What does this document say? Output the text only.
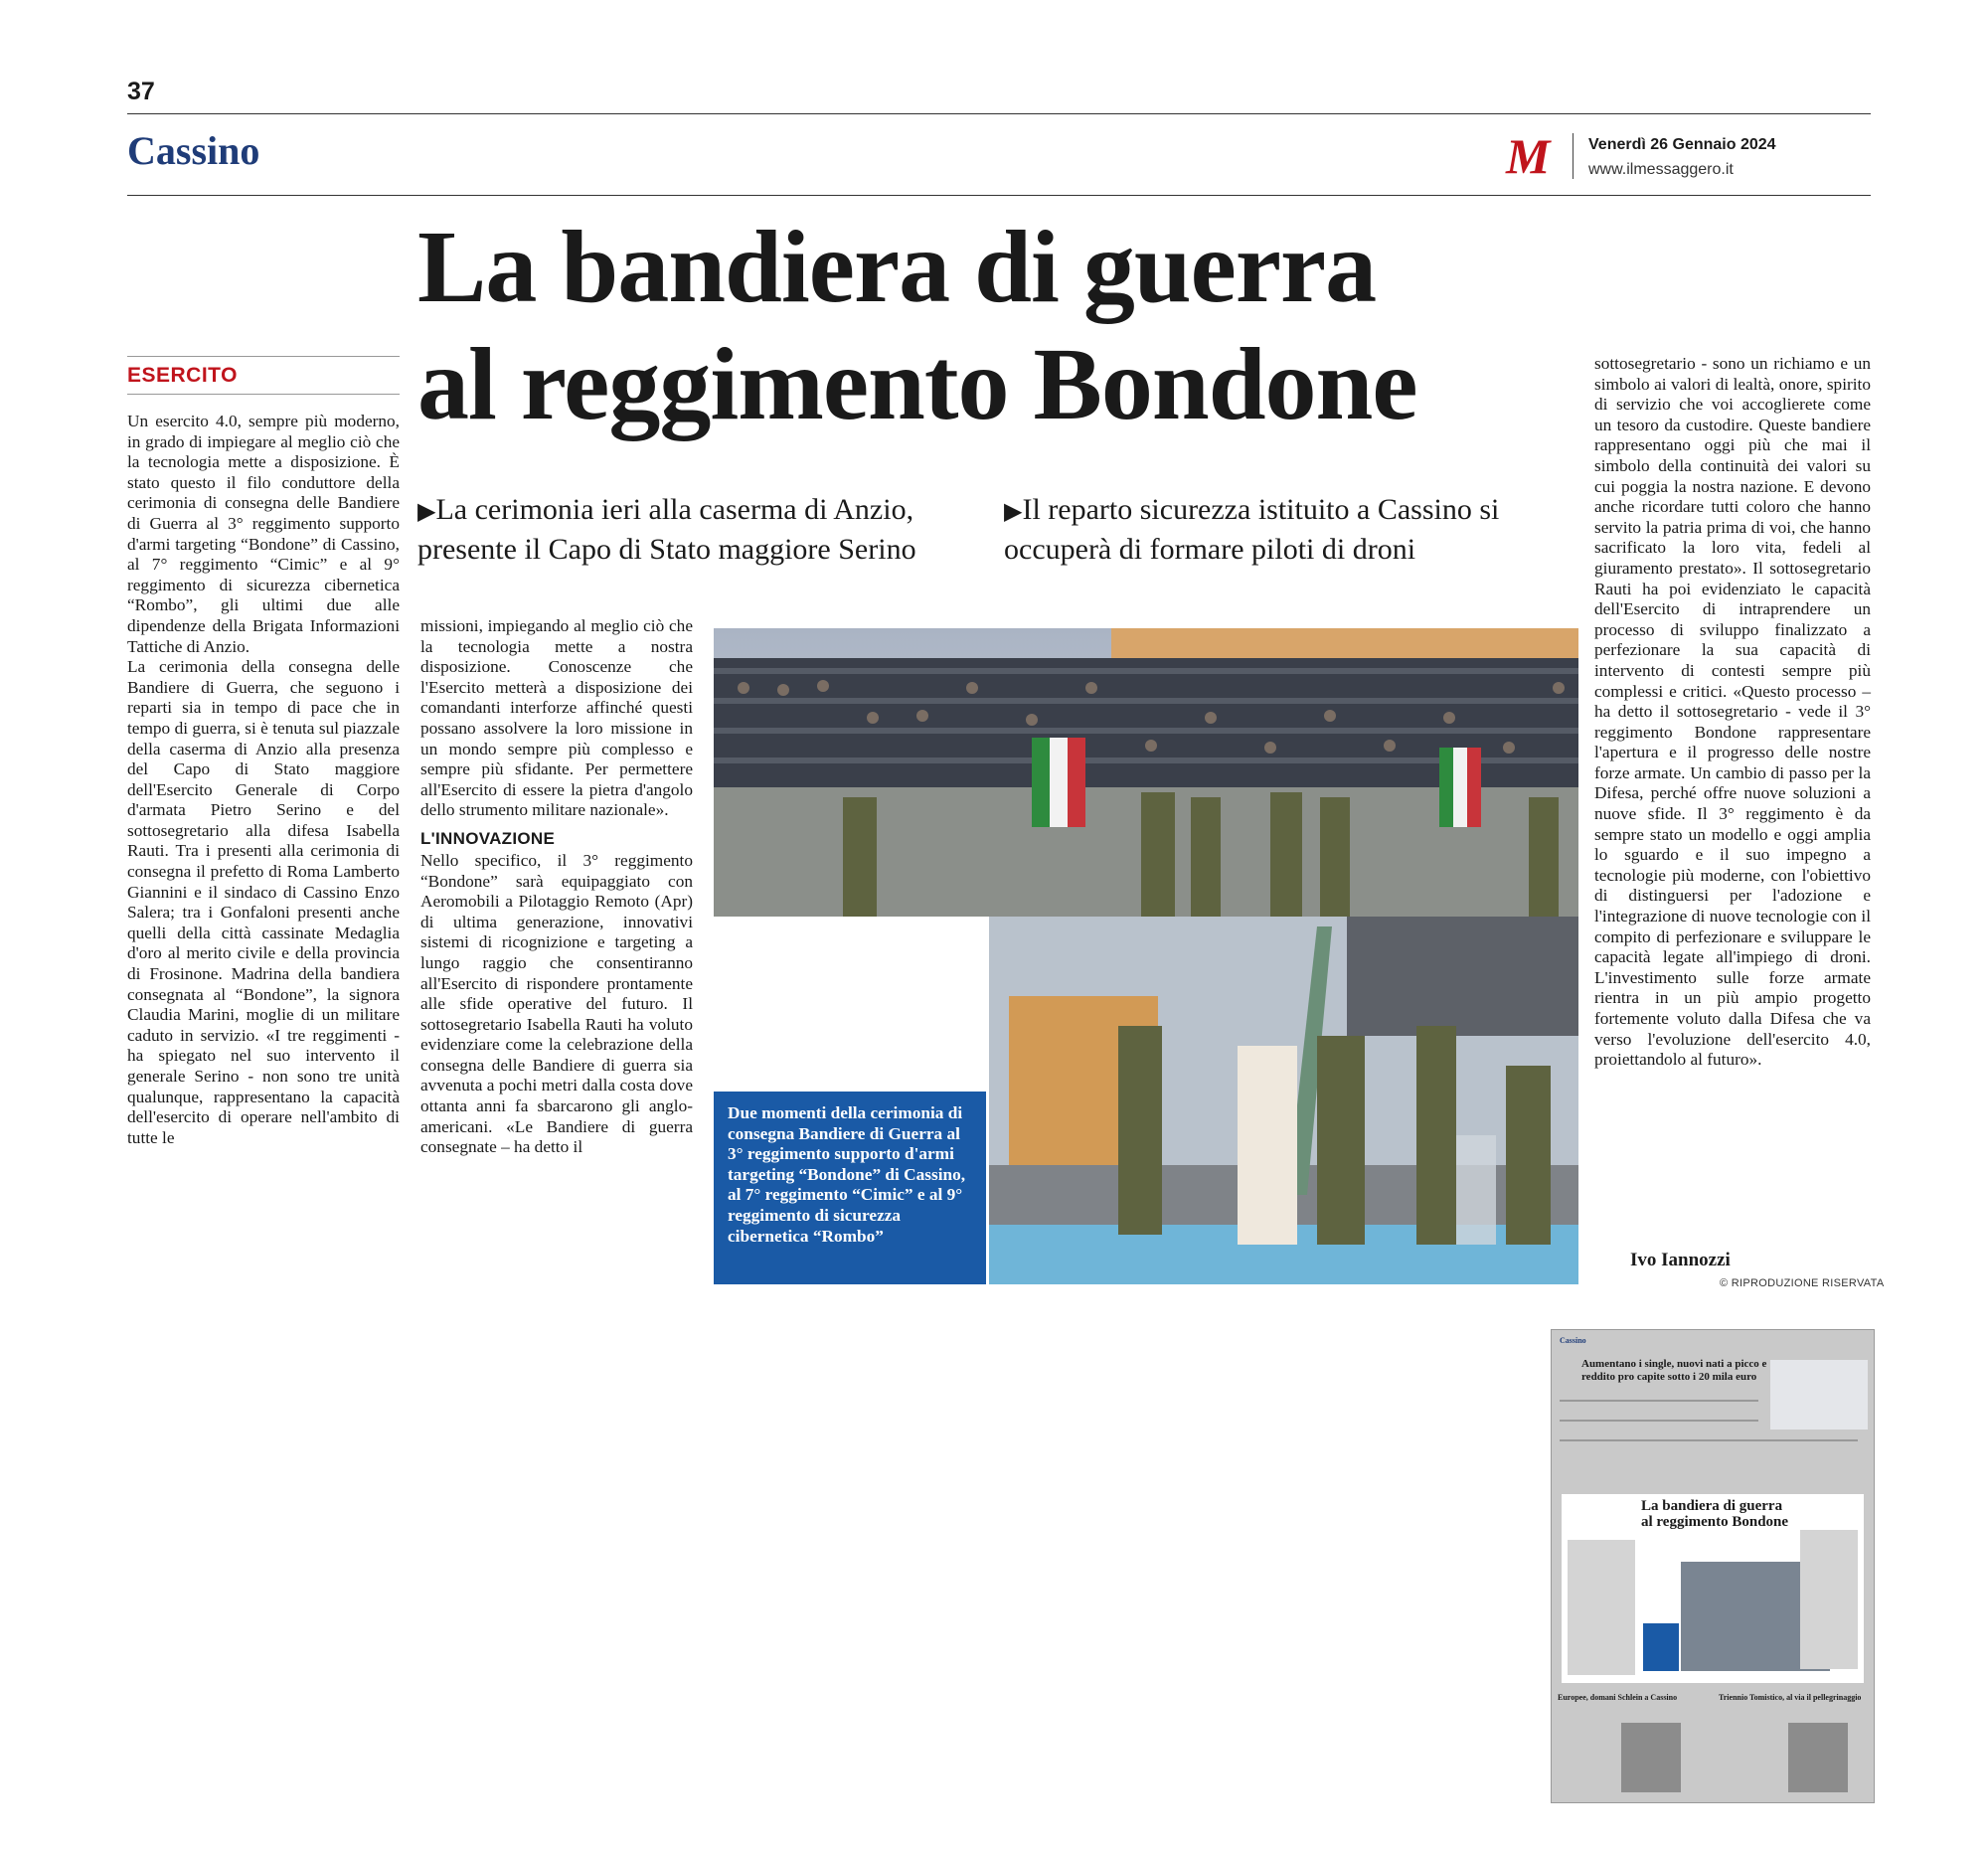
37
Cassino	M Venerdì 26 Gennaio 2024
www.ilmessaggero.it
La bandiera di guerra
al reggimento Bondone
▶La cerimonia ieri alla caserma di Anzio, presente il Capo di Stato maggiore Serino
▶Il reparto sicurezza istituito a Cassino si occuperà di formare piloti di droni
ESERCITO

Un esercito 4.0, sempre più moderno, in grado di impiegare al meglio ciò che la tecnologia mette a disposizione. È stato questo il filo conduttore della cerimonia di consegna delle Bandiere di Guerra al 3° reggimento supporto d'armi targeting “Bondone” di Cassino, al 7° reggimento “Cimic” e al 9° reggimento di sicurezza cibernetica “Rombo”, gli ultimi due alle dipendenze della Brigata Informazioni Tattiche di Anzio.

La cerimonia della consegna delle Bandiere di Guerra, che seguono i reparti sia in tempo di pace che in tempo di guerra, si è tenuta sul piazzale della caserma di Anzio alla presenza del Capo di Stato maggiore dell'Esercito Generale di Corpo d'armata Pietro Serino e del sottosegretario alla difesa Isabella Rauti. Tra i presenti alla cerimonia di consegna il prefetto di Roma Lamberto Giannini e il sindaco di Cassino Enzo Salera; tra i Gonfaloni presenti anche quelli della città cassinate Medaglia d'oro al merito civile e della provincia di Frosinone. Madrina della bandiera consegnata al “Bondone”, la signora Claudia Marini, moglie di un militare caduto in servizio. «I tre reggimenti - ha spiegato nel suo intervento il generale Serino - non sono tre unità qualunque, rappresentano la capacità dell'esercito di operare nell'ambito di tutte le

missioni, impiegando al meglio ciò che la tecnologia mette a nostra disposizione. Conoscenze che l'Esercito metterà a disposizione dei comandanti interforze affinché questi possano assolvere la loro missione in un mondo sempre più complesso e sempre più sfidante. Per permettere all'Esercito di essere la pietra d'angolo dello strumento militare nazionale».

L'INNOVAZIONE

Nello specifico, il 3° reggimento “Bondone” sarà equipaggiato con Aeromobili a Pilotaggio Remoto (Apr) di ultima generazione, innovativi sistemi di ricognizione e targeting a lungo raggio che consentiranno all'Esercito di rispondere prontamente alle sfide operative del futuro. Il sottosegretario Isabella Rauti ha voluto evidenziare come la celebrazione della consegna delle Bandiere di guerra sia avvenuta a pochi metri dalla costa dove ottanta anni fa sbarcarono gli anglo-americani. «Le Bandiere di guerra consegnate – ha detto il

sottosegretario - sono un richiamo e un simbolo ai valori di lealtà, onore, spirito di servizio che voi accoglierete come un tesoro da custodire. Queste bandiere rappresentano oggi più che mai il simbolo della continuità dei valori su cui poggia la nostra nazione. E devono anche ricordare tutti coloro che hanno servito la patria prima di voi, che hanno sacrificato la loro vita, fedeli al giuramento prestato». Il sottosegretario Rauti ha poi evidenziato le capacità dell'Esercito di intraprendere un processo di sviluppo finalizzato a perfezionare la sua capacità di intervento di contesti sempre più complessi e critici. «Questo processo – ha detto il sottosegretario - vede il 3° reggimento Bondone rappresentare l'apertura e il progresso delle nostre forze armate. Un cambio di passo per la Difesa, perché offre nuove soluzioni a nuove sfide. Il 3° reggimento è da sempre stato un modello e oggi amplia lo sguardo e il suo impegno a tecnologie più moderne, con l'obiettivo di distinguersi per l'adozione e l'integrazione di nuove tecnologie con il compito di perfezionare e sviluppare le capacità legate all'impiego di droni. L'investimento sulle forze armate rientra in un più ampio progetto fortemente voluto dalla Difesa che va verso l'evoluzione dell'esercito 4.0, proiettandolo al futuro».

Due momenti della cerimonia di consegna Bandiere di Guerra al 3° reggimento supporto d'armi targeting “Bondone” di Cassino, al 7° reggimento “Cimic” e al 9° reggimento di sicurezza cibernetica “Rombo”
Ivo Iannozzi
© RIPRODUZIONE RISERVATA
Cassino
Aumentano i single, nuovi nati a picco e reddito pro capite sotto i 20 mila euro
La bandiera di guerra
al reggimento Bondone
Europee, domani Schlein a Cassino	Triennio Tomistico, al via il pellegrinaggio
